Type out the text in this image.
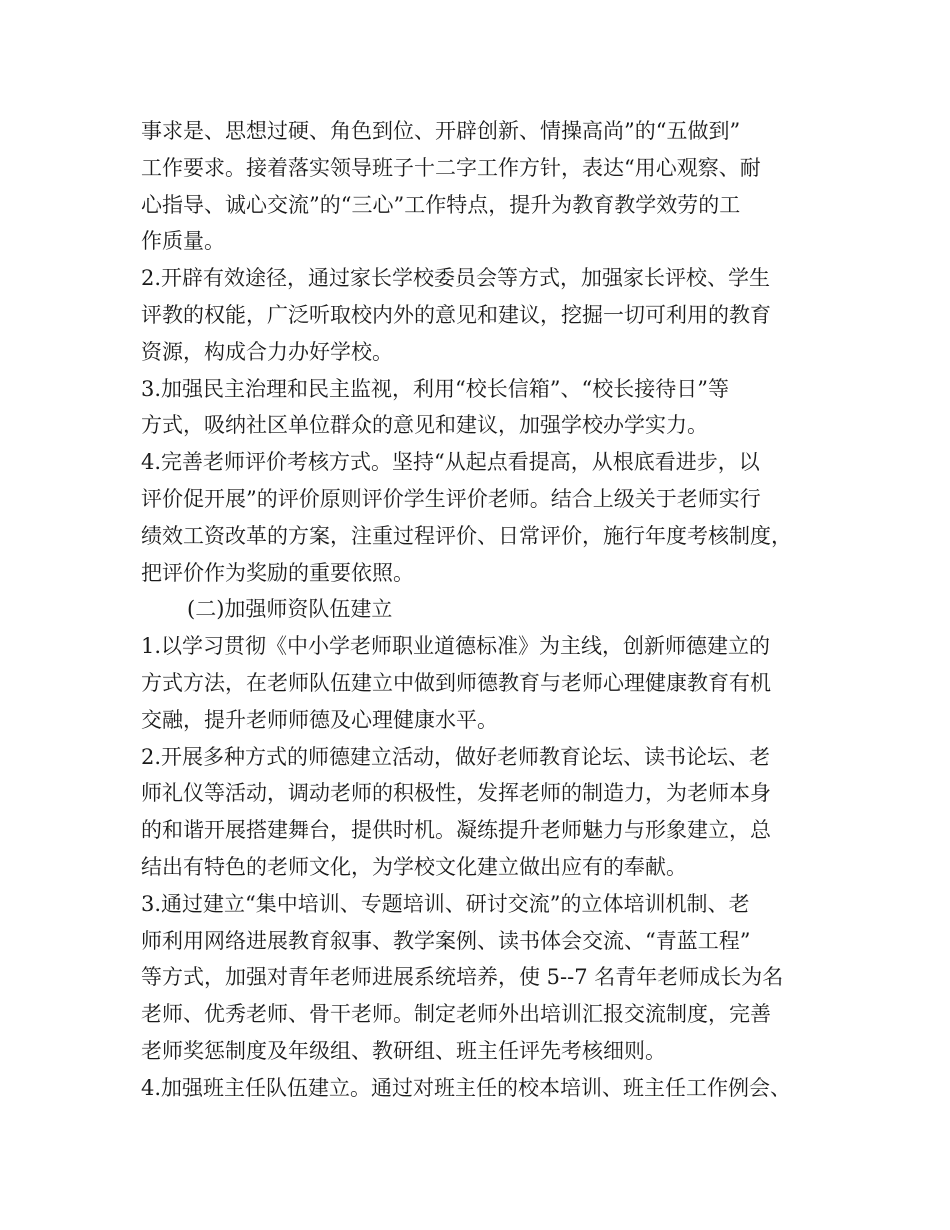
事求是、思想过硬、角色到位、开辟创新、情操高尚”的“五做到”
工作要求。接着落实领导班子十二字工作方针，表达“用心观察、耐
心指导、诚心交流”的“三心”工作特点，提升为教育教学效劳的工
作质量。
2.开辟有效途径，通过家长学校委员会等方式，加强家长评校、学生
评教的权能，广泛听取校内外的意见和建议，挖掘一切可利用的教育
资源，构成合力办好学校。
3.加强民主治理和民主监视，利用“校长信箱”、“校长接待日”等
方式，吸纳社区单位群众的意见和建议，加强学校办学实力。
4.完善老师评价考核方式。坚持“从起点看提高，从根底看进步，以
评价促开展”的评价原则评价学生评价老师。结合上级关于老师实行
绩效工资改革的方案，注重过程评价、日常评价，施行年度考核制度，
把评价作为奖励的重要依照。
(二)加强师资队伍建立
1.以学习贯彻《中小学老师职业道德标准》为主线，创新师德建立的
方式方法，在老师队伍建立中做到师德教育与老师心理健康教育有机
交融，提升老师师德及心理健康水平。
2.开展多种方式的师德建立活动，做好老师教育论坛、读书论坛、老
师礼仪等活动，调动老师的积极性，发挥老师的制造力，为老师本身
的和谐开展搭建舞台，提供时机。凝练提升老师魅力与形象建立，总
结出有特色的老师文化，为学校文化建立做出应有的奉献。
3.通过建立“集中培训、专题培训、研讨交流”的立体培训机制、老
师利用网络进展教育叙事、教学案例、读书体会交流、“青蓝工程”
等方式，加强对青年老师进展系统培养，使 5--7 名青年老师成长为名
老师、优秀老师、骨干老师。制定老师外出培训汇报交流制度，完善
老师奖惩制度及年级组、教研组、班主任评先考核细则。
4.加强班主任队伍建立。通过对班主任的校本培训、班主任工作例会、
